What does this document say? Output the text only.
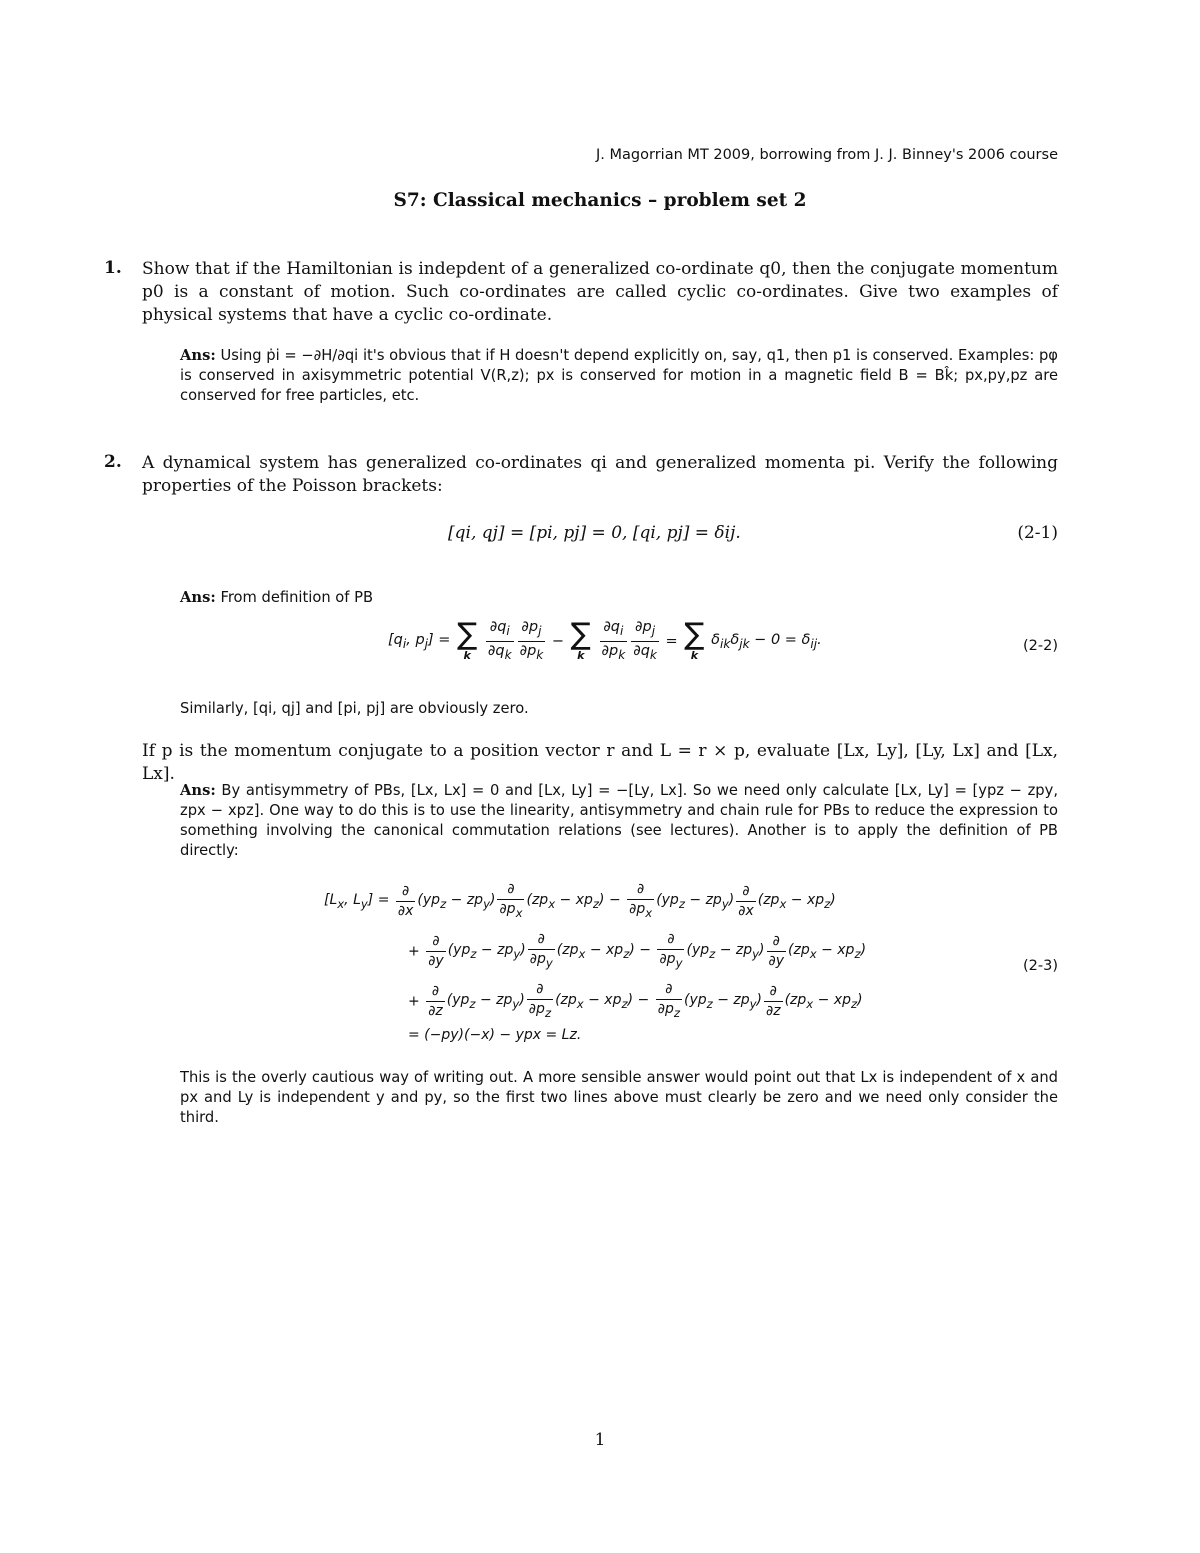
J. Magorrian MT 2009, borrowing from J. J. Binney's 2006 course
S7: Classical mechanics – problem set 2
1. Show that if the Hamiltonian is indepdent of a generalized co-ordinate q0, then the conjugate momentum p0 is a constant of motion. Such co-ordinates are called cyclic co-ordinates. Give two examples of physical systems that have a cyclic co-ordinate.
Ans: Using ṗi = −∂H/∂qi it's obvious that if H doesn't depend explicitly on, say, q1, then p1 is conserved. Examples: pφ is conserved in axisymmetric potential V(R,z); px is conserved for motion in a magnetic field B = Bk̂; px,py,pz are conserved for free particles, etc.
2. A dynamical system has generalized co-ordinates qi and generalized momenta pi. Verify the following properties of the Poisson brackets:
[qi, qj] = [pi, pj] = 0, [qi, pj] = δij.	(2-1)
Ans: From definition of PB
[$q_i$, $p_j$] = ∑
k
	$\frac{\partial q_i}{\partial q_k} \frac{\partial p_j}{\partial p_k}$ − ∑
k
	$\frac{\partial q_i}{\partial p_k} \frac{\partial p_j}{\partial q_k}$ = ∑
k
$\delta_{ik}\delta_{jk} - 0 = \delta_{ij}$.	(2-2)
Similarly, [qi, qj] and [pi, pj] are obviously zero.
If p is the momentum conjugate to a position vector r and L = r × p, evaluate [Lx, Ly], [Ly, Lx] and [Lx, Lx].
Ans: By antisymmetry of PBs, [Lx, Lx] = 0 and [Lx, Ly] = −[Ly, Lx]. So we need only calculate [Lx, Ly] = [ypz − zpy, zpx − xpz]. One way to do this is to use the linearity, antisymmetry and chain rule for PBs to reduce the expression to something involving the canonical commutation relations (see lectures). Another is to apply the definition of PB directly:
[$L_x$, $L_y] = \frac{\partial}{\partial x} (yp_z - zp_y) \frac{\partial}{\partial p_x} (zp_x - xp_z) - \frac{\partial}{\partial p_x} (yp_z - zp_y) \frac{\partial}{\partial x} (zp_x - xp_z)$
+ $\frac{\partial}{\partial y} (yp_z - zp_y) \frac{\partial}{\partial p_y} (zp_x - xp_z) - \frac{\partial}{\partial p_y} (yp_z - zp_y) \frac{\partial}{\partial y} (zp_x - xp_z)$
(2-3)
+ $\frac{\partial}{\partial z} (yp_z - zp_y) \frac{\partial}{\partial p_z} (zp_x - xp_z) - \frac{\partial}{\partial p_z} (yp_z - zp_y) \frac{\partial}{\partial z} (zp_x - xp_z)$
= (−py)(−x) − ypx = Lz.
This is the overly cautious way of writing out. A more sensible answer would point out that Lx is independent of x and px and Ly is independent y and py, so the first two lines above must clearly be zero and we need only consider the third.
1
